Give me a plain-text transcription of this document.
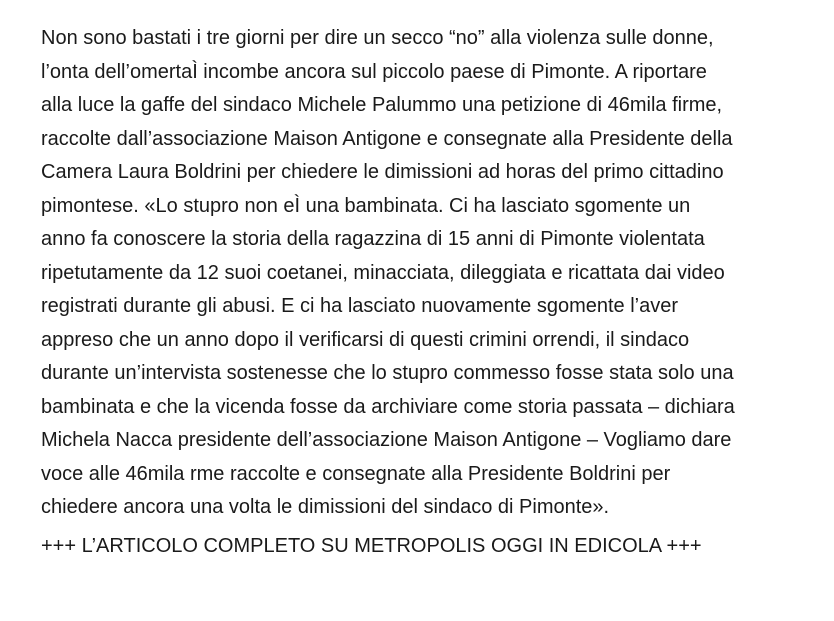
Non sono bastati i tre giorni per dire un secco “no” alla violenza sulle donne,
l’onta dell’omertaÌ incombe ancora sul piccolo paese di Pimonte. A riportare
alla luce la gaffe del sindaco Michele Palummo una petizione di 46mila firme,
raccolte dall’associazione Maison Antigone e consegnate alla Presidente della
Camera Laura Boldrini per chiedere le dimissioni ad horas del primo cittadino
pimontese. «Lo stupro non eÌ una bambinata. Ci ha lasciato sgomente un
anno fa conoscere la storia della ragazzina di 15 anni di Pimonte violentata
ripetutamente da 12 suoi coetanei, minacciata, dileggiata e ricattata dai video
registrati durante gli abusi. E ci ha lasciato nuovamente sgomente l’aver
appreso che un anno dopo il verificarsi di questi crimini orrendi, il sindaco
durante un’intervista sostenesse che lo stupro commesso fosse stata solo una
bambinata e che la vicenda fosse da archiviare come storia passata – dichiara
Michela Nacca presidente dell’associazione Maison Antigone – Vogliamo dare
voce alle 46mila rme raccolte e consegnate alla Presidente Boldrini per
chiedere ancora una volta le dimissioni del sindaco di Pimonte».

+++ L’ARTICOLO COMPLETO SU METROPOLIS OGGI IN EDICOLA +++
